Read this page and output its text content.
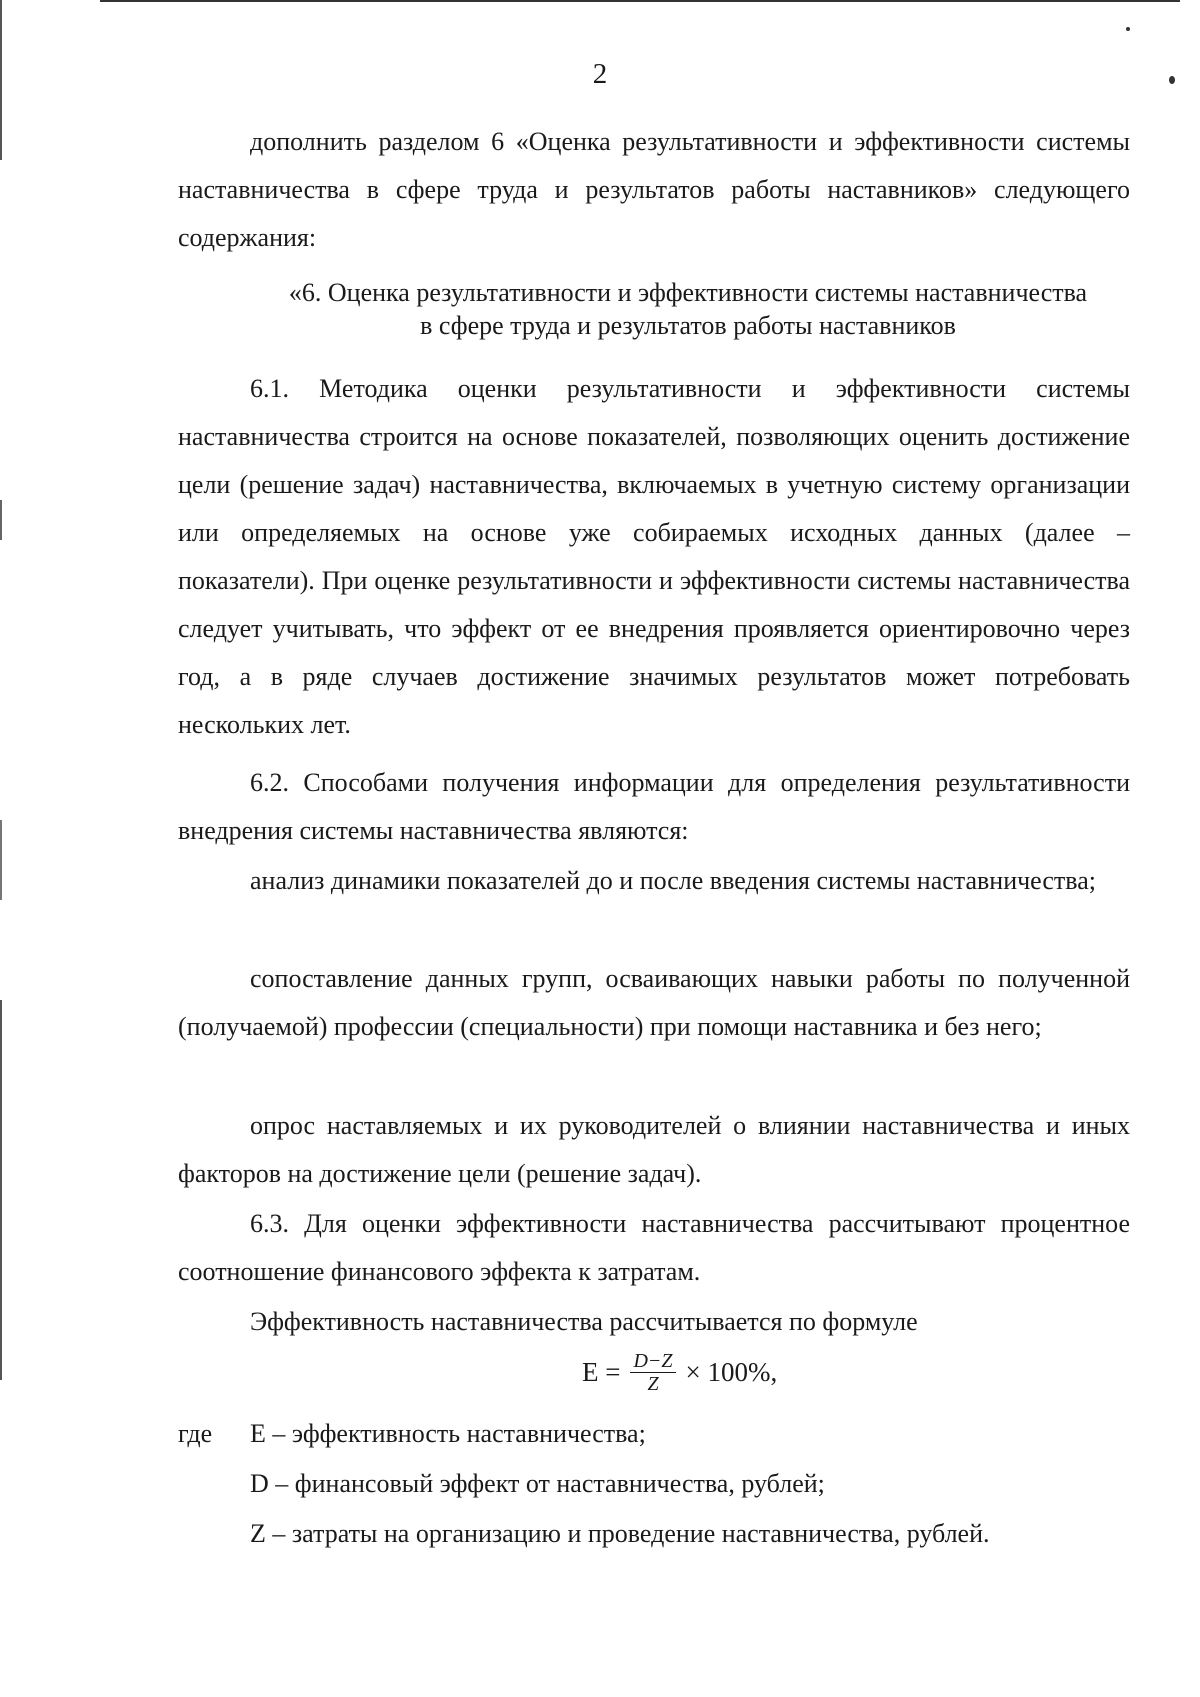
2

дополнить разделом 6 «Оценка результативности и эффективности системы наставничества в сфере труда и результатов работы наставников» следующего содержания:

«6. Оценка результативности и эффективности системы наставничества

в сфере труда и результатов работы наставников

6.1. Методика оценки результативности и эффективности системы наставничества строится на основе показателей, позволяющих оценить достижение цели (решение задач) наставничества, включаемых в учетную систему организации или определяемых на основе уже собираемых исходных данных (далее – показатели). При оценке результативности и эффективности системы наставничества следует учитывать, что эффект от ее внедрения проявляется ориентировочно через год, а в ряде случаев достижение значимых результатов может потребовать нескольких лет.

6.2. Способами получения информации для определения результативности внедрения системы наставничества являются:

анализ динамики показателей до и после введения системы наставничества;

сопоставление данных групп, осваивающих навыки работы по полученной (получаемой) профессии (специальности) при помощи наставника и без него;

опрос наставляемых и их руководителей о влиянии наставничества и иных факторов на достижение цели (решение задач).

6.3. Для оценки эффективности наставничества рассчитывают процентное соотношение финансового эффекта к затратам.

Эффективность наставничества рассчитывается по формуле

$E = \frac{D-Z}{Z} \times 100\%$,
где E – эффективность наставничества;
D – финансовый эффект от наставничества, рублей;
Z – затраты на организацию и проведение наставничества, рублей.
